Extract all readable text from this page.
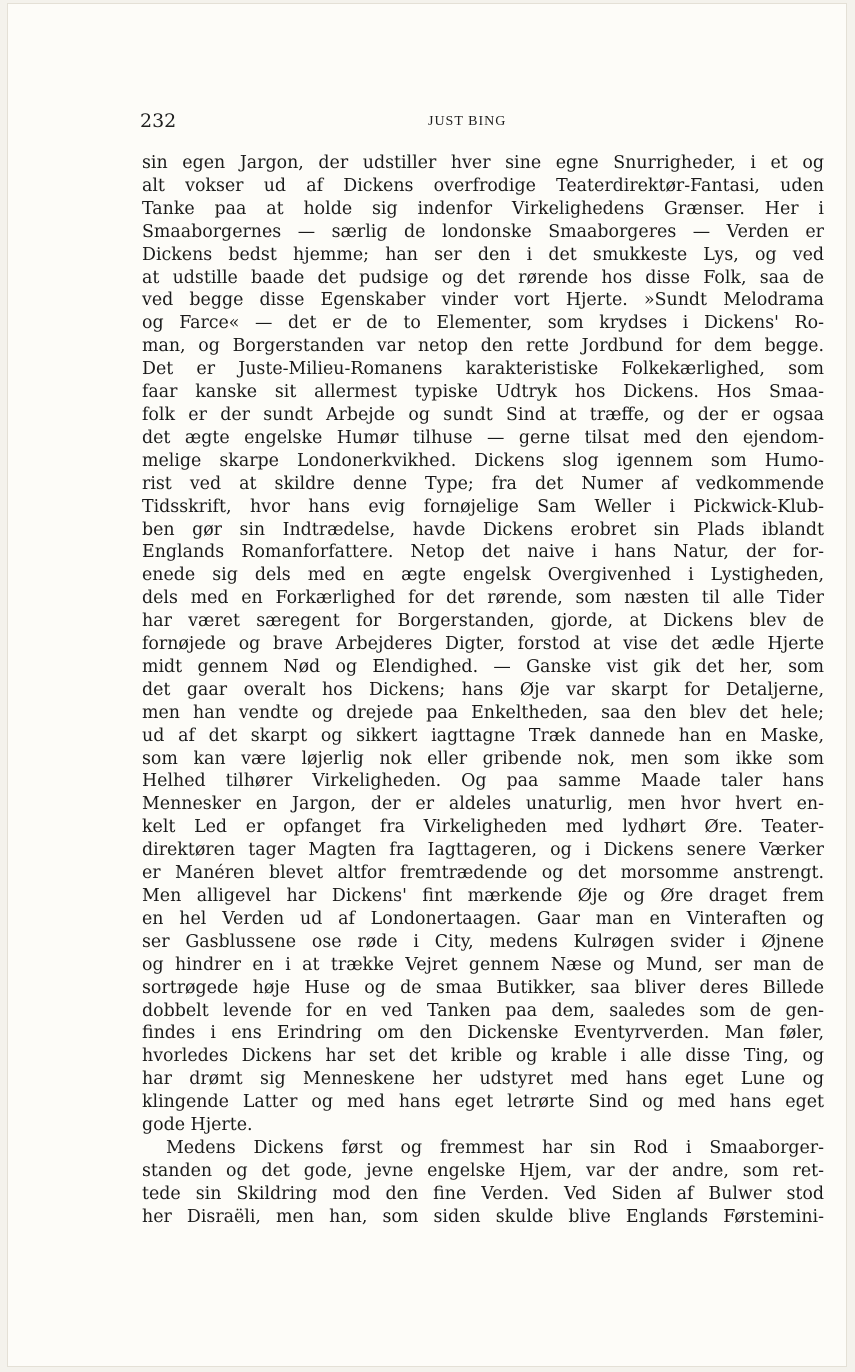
232	JUST BING
sin egen Jargon, der udstiller hver sine egne Snurrigheder, i et og
alt vokser ud af Dickens overfrodige Teaterdirektør-Fantasi, uden
Tanke paa at holde sig indenfor Virkelighedens Grænser. Her i
Smaaborgernes — særlig de londonske Smaaborgeres — Verden er
Dickens bedst hjemme; han ser den i det smukkeste Lys, og ved
at udstille baade det pudsige og det rørende hos disse Folk, saa de
ved begge disse Egenskaber vinder vort Hjerte. »Sundt Melodrama
og Farce« — det er de to Elementer, som krydses i Dickens' Ro-
man, og Borgerstanden var netop den rette Jordbund for dem begge.
Det er Juste-Milieu-Romanens karakteristiske Folkekærlighed, som
faar kanske sit allermest typiske Udtryk hos Dickens. Hos Smaa-
folk er der sundt Arbejde og sundt Sind at træffe, og der er ogsaa
det ægte engelske Humør tilhuse — gerne tilsat med den ejendom-
melige skarpe Londonerkvikhed. Dickens slog igennem som Humo-
rist ved at skildre denne Type; fra det Numer af vedkommende
Tidsskrift, hvor hans evig fornøjelige Sam Weller i Pickwick-Klub-
ben gør sin Indtrædelse, havde Dickens erobret sin Plads iblandt
Englands Romanforfattere. Netop det naive i hans Natur, der for-
enede sig dels med en ægte engelsk Overgivenhed i Lystigheden,
dels med en Forkærlighed for det rørende, som næsten til alle Tider
har været særegent for Borgerstanden, gjorde, at Dickens blev de
fornøjede og brave Arbejderes Digter, forstod at vise det ædle Hjerte
midt gennem Nød og Elendighed. — Ganske vist gik det her, som
det gaar overalt hos Dickens; hans Øje var skarpt for Detaljerne,
men han vendte og drejede paa Enkeltheden, saa den blev det hele;
ud af det skarpt og sikkert iagttagne Træk dannede han en Maske,
som kan være løjerlig nok eller gribende nok, men som ikke som
Helhed tilhører Virkeligheden. Og paa samme Maade taler hans
Mennesker en Jargon, der er aldeles unaturlig, men hvor hvert en-
kelt Led er opfanget fra Virkeligheden med lydhørt Øre. Teater-
direktøren tager Magten fra Iagttageren, og i Dickens senere Værker
er Manéren blevet altfor fremtrædende og det morsomme anstrengt.
Men alligevel har Dickens' fint mærkende Øje og Øre draget frem
en hel Verden ud af Londonertaagen. Gaar man en Vinteraften og
ser Gasblussene ose røde i City, medens Kulrøgen svider i Øjnene
og hindrer en i at trække Vejret gennem Næse og Mund, ser man de
sortrøgede høje Huse og de smaa Butikker, saa bliver deres Billede
dobbelt levende for en ved Tanken paa dem, saaledes som de gen-
findes i ens Erindring om den Dickenske Eventyrverden. Man føler,
hvorledes Dickens har set det krible og krable i alle disse Ting, og
har drømt sig Menneskene her udstyret med hans eget Lune og
klingende Latter og med hans eget letrørte Sind og med hans eget
gode Hjerte.
Medens Dickens først og fremmest har sin Rod i Smaaborger-
standen og det gode, jevne engelske Hjem, var der andre, som ret-
tede sin Skildring mod den fine Verden. Ved Siden af Bulwer stod
her Disraëli, men han, som siden skulde blive Englands Førstemini-
